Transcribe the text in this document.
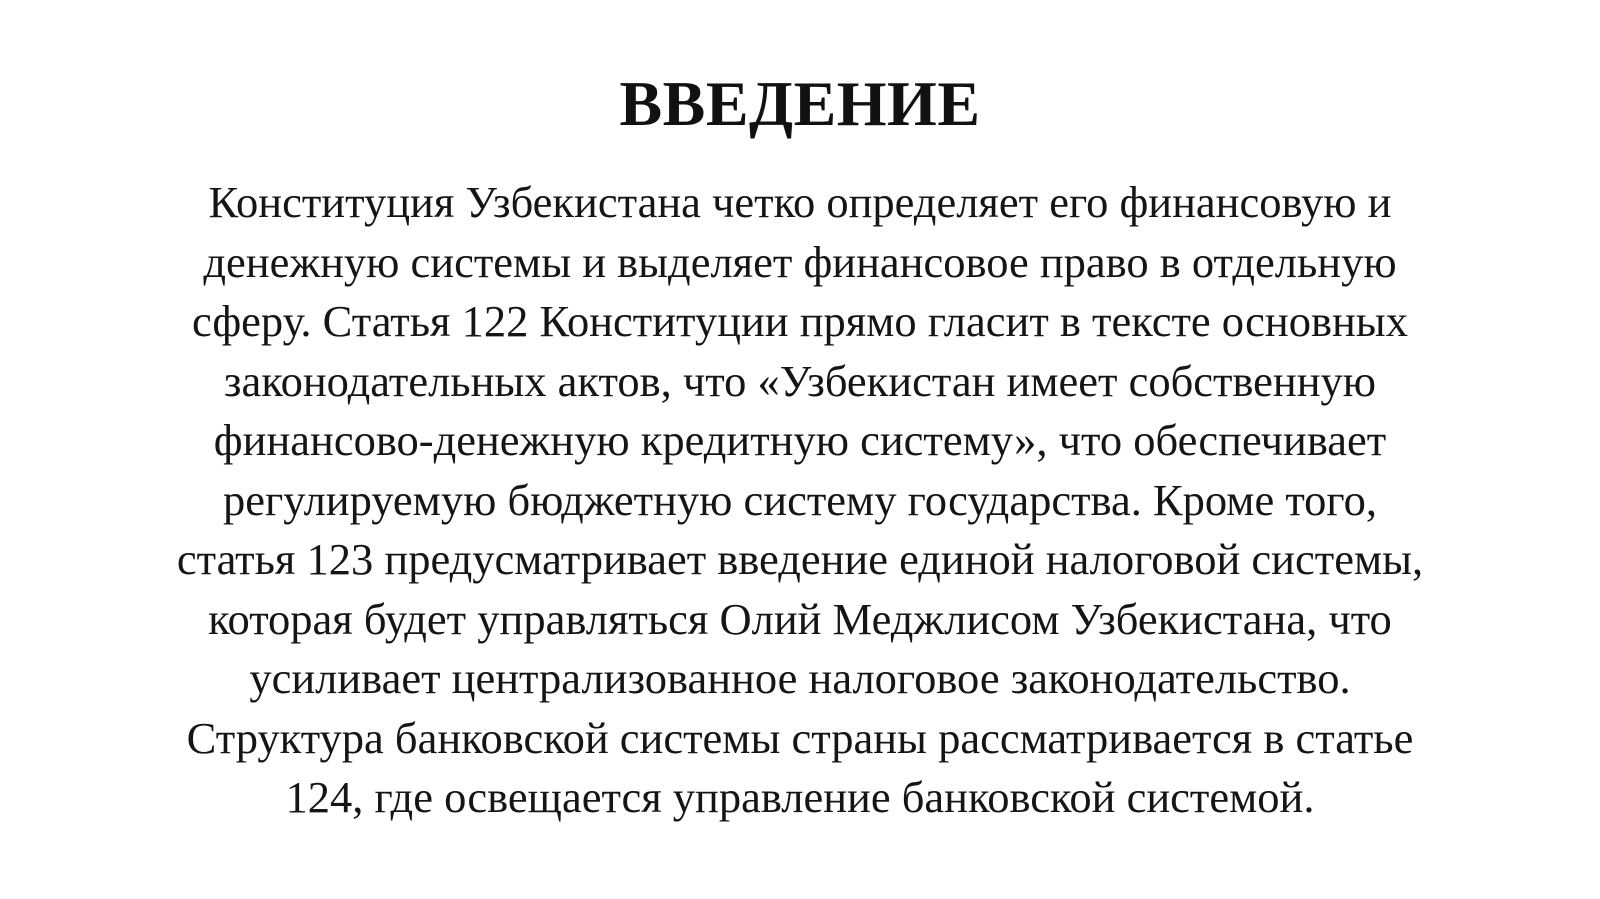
ВВЕДЕНИЕ
Конституция Узбекистана четко определяет его финансовую и
денежную системы и выделяет финансовое право в отдельную
сферу. Статья 122 Конституции прямо гласит в тексте основных
законодательных актов, что «Узбекистан имеет собственную
финансово-денежную кредитную систему», что обеспечивает
регулируемую бюджетную систему государства. Кроме того,
статья 123 предусматривает введение единой налоговой системы,
которая будет управляться Олий Меджлисом Узбекистана, что
усиливает централизованное налоговое законодательство.
Структура банковской системы страны рассматривается в статье
124, где освещается управление банковской системой.
